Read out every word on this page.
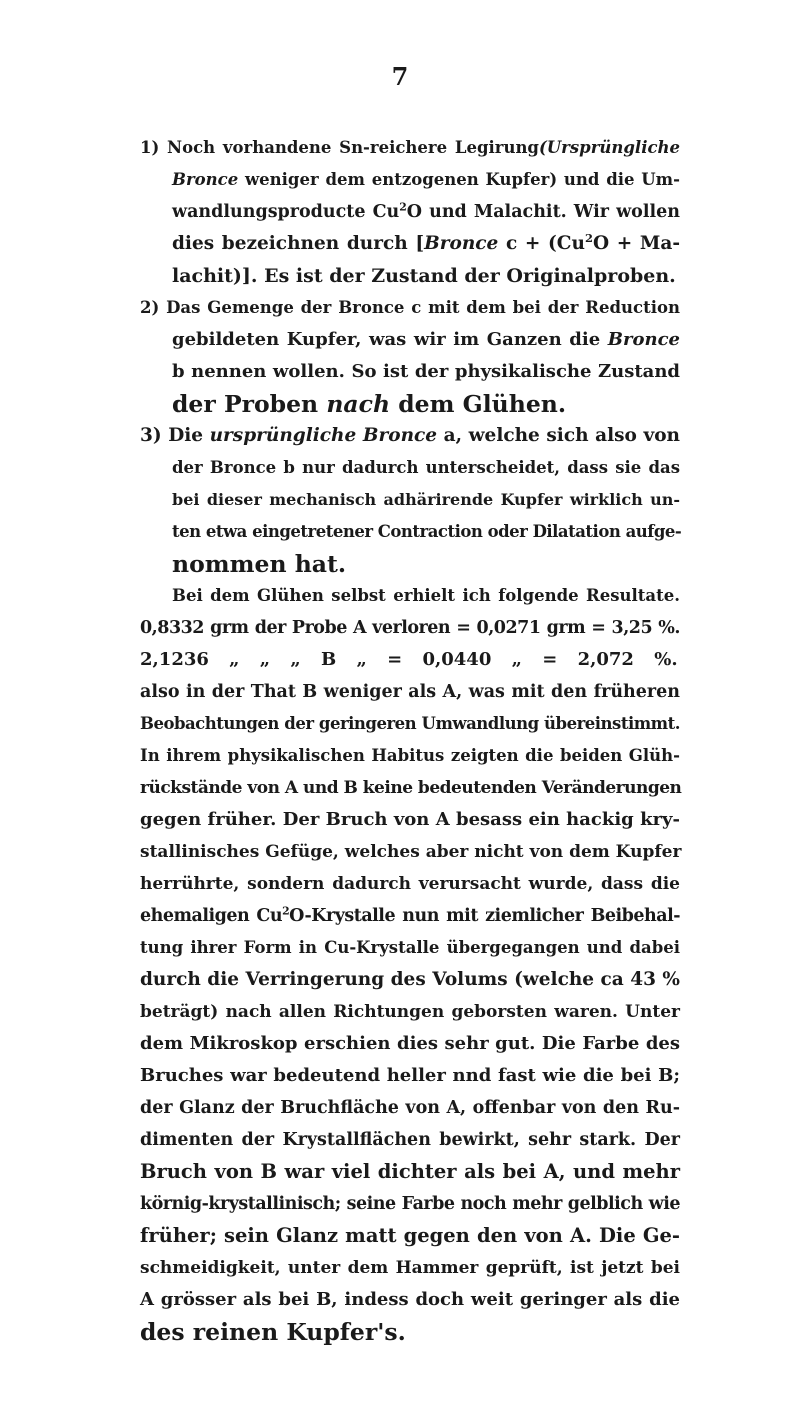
7
1) Noch vorhandene Sn-reichere Legirung(Ursprüngliche
Bronce weniger dem entzogenen Kupfer) und die Um-
wandlungsproducte Cu$^2$O und Malachit. Wir wollen
dies bezeichnen durch [Bronce $c + (Cu^2O + Ma-$
lachit)]. Es ist der Zustand der Originalproben.
2) Das Gemenge der Bronce c mit dem bei der Reduction
gebildeten Kupfer, was wir im Ganzen die Bronce
b nennen wollen. So ist der physikalische Zustand
der Proben nach dem Glühen.
3) Die ursprüngliche Bronce a, welche sich also von
der Bronce b nur dadurch unterscheidet, dass sie das
bei dieser mechanisch adhärirende Kupfer wirklich un-
ten etwa eingetretener Contraction oder Dilatation aufge-
nommen hat.
Bei dem Glühen selbst erhielt ich folgende Resultate.
0,8332 grm der Probe A verloren = 0,0271 grm = 3,25 %.
2,1236 „ „ „ B „ = 0,0440 „ = 2,072 %.
also in der That B weniger als A, was mit den früheren
Beobachtungen der geringeren Umwandlung übereinstimmt.
In ihrem physikalischen Habitus zeigten die beiden Glüh-
rückstände von A und B keine bedeutenden Veränderungen
gegen früher. Der Bruch von A besass ein hackig kry-
stallinisches Gefüge, welches aber nicht von dem Kupfer
herrührte, sondern dadurch verursacht wurde, dass die
ehemaligen Cu$^2$O-Krystalle nun mit ziemlicher Beibehal-
tung ihrer Form in Cu-Krystalle übergegangen und dabei
durch die Verringerung des Volums (welche ca 43 %
beträgt) nach allen Richtungen geborsten waren. Unter
dem Mikroskop erschien dies sehr gut. Die Farbe des
Bruches war bedeutend heller nnd fast wie die bei B;
der Glanz der Bruchfläche von A, offenbar von den Ru-
dimenten der Krystallflächen bewirkt, sehr stark. Der
Bruch von B war viel dichter als bei A, und mehr
körnig-krystallinisch; seine Farbe noch mehr gelblich wie
früher; sein Glanz matt gegen den von A. Die Ge-
schmeidigkeit, unter dem Hammer geprüft, ist jetzt bei
A grösser als bei B, indess doch weit geringer als die
des reinen Kupfer's.
